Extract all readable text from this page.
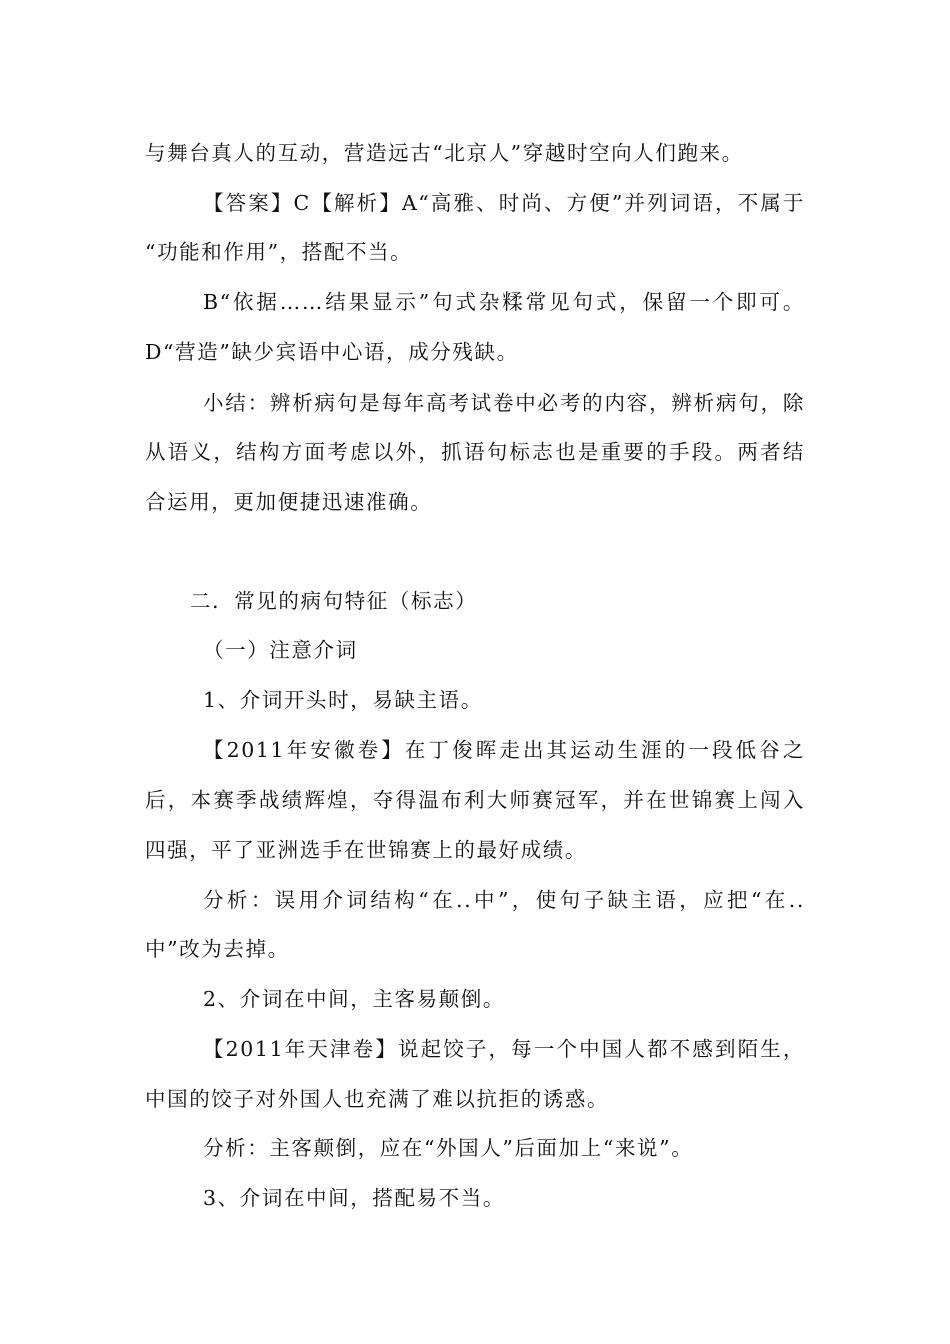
与舞台真人的互动，营造远古“北京人”穿越时空向人们跑来。
【答案】C【解析】A“高雅、时尚、方便”并列词语，不属于
“功能和作用”，搭配不当。
B“依据……结果显示”句式杂糅常见句式，保留一个即可。
D“营造”缺少宾语中心语，成分残缺。
小结：辨析病句是每年高考试卷中必考的内容，辨析病句，除
从语义，结构方面考虑以外，抓语句标志也是重要的手段。两者结
合运用，更加便捷迅速准确。
二．常见的病句特征（标志）
（一）注意介词
1、介词开头时，易缺主语。
【2011年安徽卷】在丁俊晖走出其运动生涯的一段低谷之
后，本赛季战绩辉煌，夺得温布利大师赛冠军，并在世锦赛上闯入
四强，平了亚洲选手在世锦赛上的最好成绩。
分析：误用介词结构“在..中”，使句子缺主语，应把“在..
中”改为去掉。
2、介词在中间，主客易颠倒。
【2011年天津卷】说起饺子，每一个中国人都不感到陌生，
中国的饺子对外国人也充满了难以抗拒的诱惑。
分析：主客颠倒，应在“外国人”后面加上“来说”。
3、介词在中间，搭配易不当。
